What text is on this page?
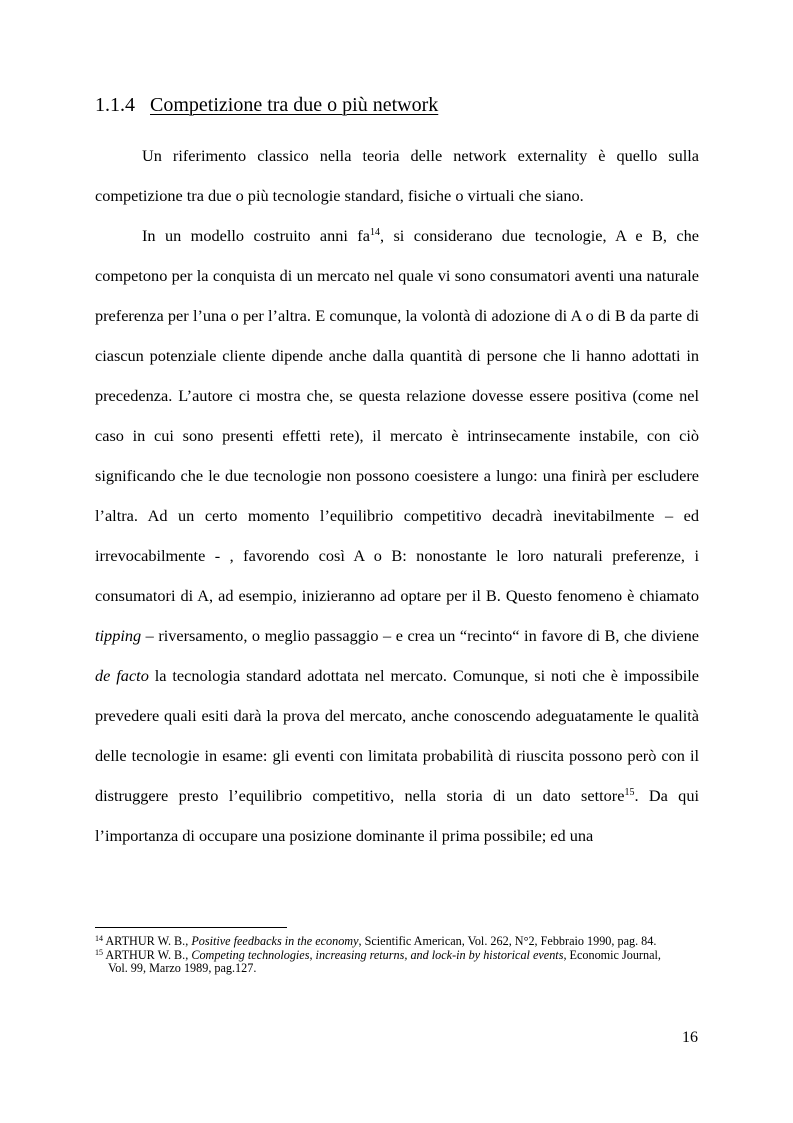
1.1.4 Competizione tra due o più network

Un riferimento classico nella teoria delle network externality è quello sulla competizione tra due o più tecnologie standard, fisiche o virtuali che siano.

In un modello costruito anni $fa^{14}$, si considerano due tecnologie, A e B, che competono per la conquista di un mercato nel quale vi sono consumatori aventi una naturale preferenza per l’una o per l’altra. E comunque, la volontà di adozione di A o di B da parte di ciascun potenziale cliente dipende anche dalla quantità di persone che li hanno adottati in precedenza. L’autore ci mostra che, se questa relazione dovesse essere positiva (come nel caso in cui sono presenti effetti rete), il mercato è intrinsecamente instabile, con ciò significando che le due tecnologie non possono coesistere a lungo: una finirà per escludere l’altra. Ad un certo momento l’equilibrio competitivo decadrà inevitabilmente – ed irrevocabilmente - , favorendo così A o B: nonostante le loro naturali preferenze, i consumatori di A, ad esempio, inizieranno ad optare per il B. Questo fenomeno è chiamato tipping – riversamento, o meglio passaggio – e crea un “recinto“ in favore di B, che diviene de facto la tecnologia standard adottata nel mercato. Comunque, si noti che è impossibile prevedere quali esiti darà la prova del mercato, anche conoscendo adeguatamente le qualità delle tecnologie in esame: gli eventi con limitata probabilità di riuscita possono però con il distruggere presto l’equilibrio competitivo, nella storia di un dato settore$^{15}$. Da qui l’importanza di occupare una posizione dominante il prima possibile; ed una

$^{14}$ ARTHUR W. B., Positive feedbacks in the economy, Scientific American, Vol. 262, N°2, Febbraio 1990, pag. 84.
$^{15}$ ARTHUR W. B., Competing technologies, increasing returns, and lock-in by historical events, Economic Journal,
Vol. 99, Marzo 1989, pag.127.
16
